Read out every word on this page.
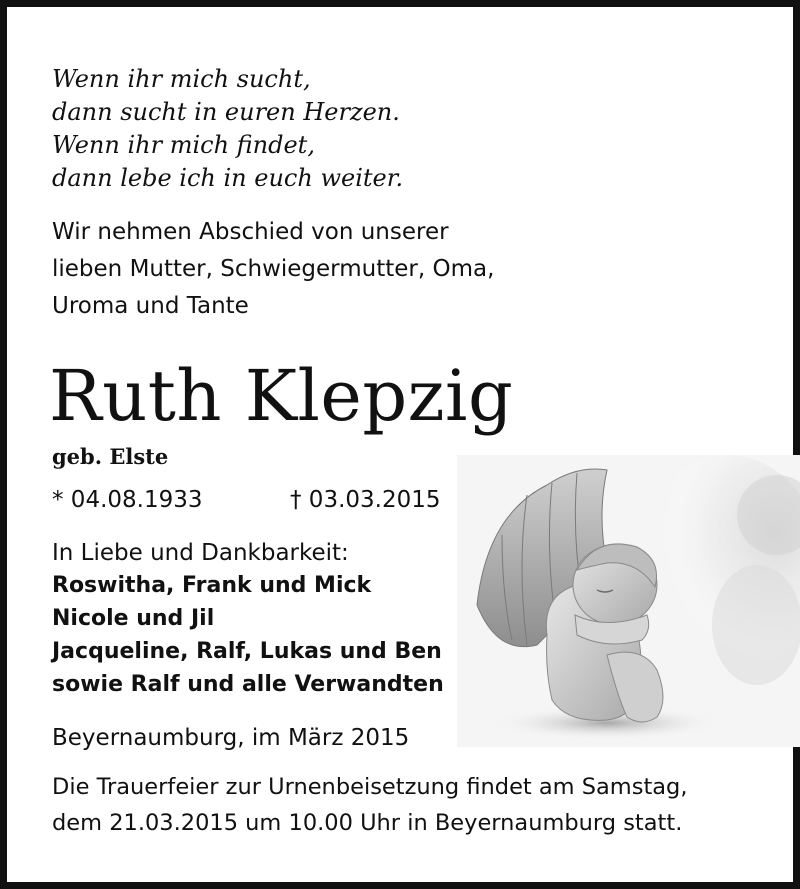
Wenn ihr mich sucht,
dann sucht in euren Herzen.
Wenn ihr mich findet,
dann lebe ich in euch weiter.
Wir nehmen Abschied von unserer
lieben Mutter, Schwiegermutter, Oma,
Uroma und Tante
Ruth Klepzig
geb. Elste
* 04.08.1933	† 03.03.2015
In Liebe und Dankbarkeit:
Roswitha, Frank und Mick
Nicole und Jil
Jacqueline, Ralf, Lukas und Ben
sowie Ralf und alle Verwandten
Beyernaumburg, im März 2015
Die Trauerfeier zur Urnenbeisetzung findet am Samstag,
dem 21.03.2015 um 10.00 Uhr in Beyernaumburg statt.
